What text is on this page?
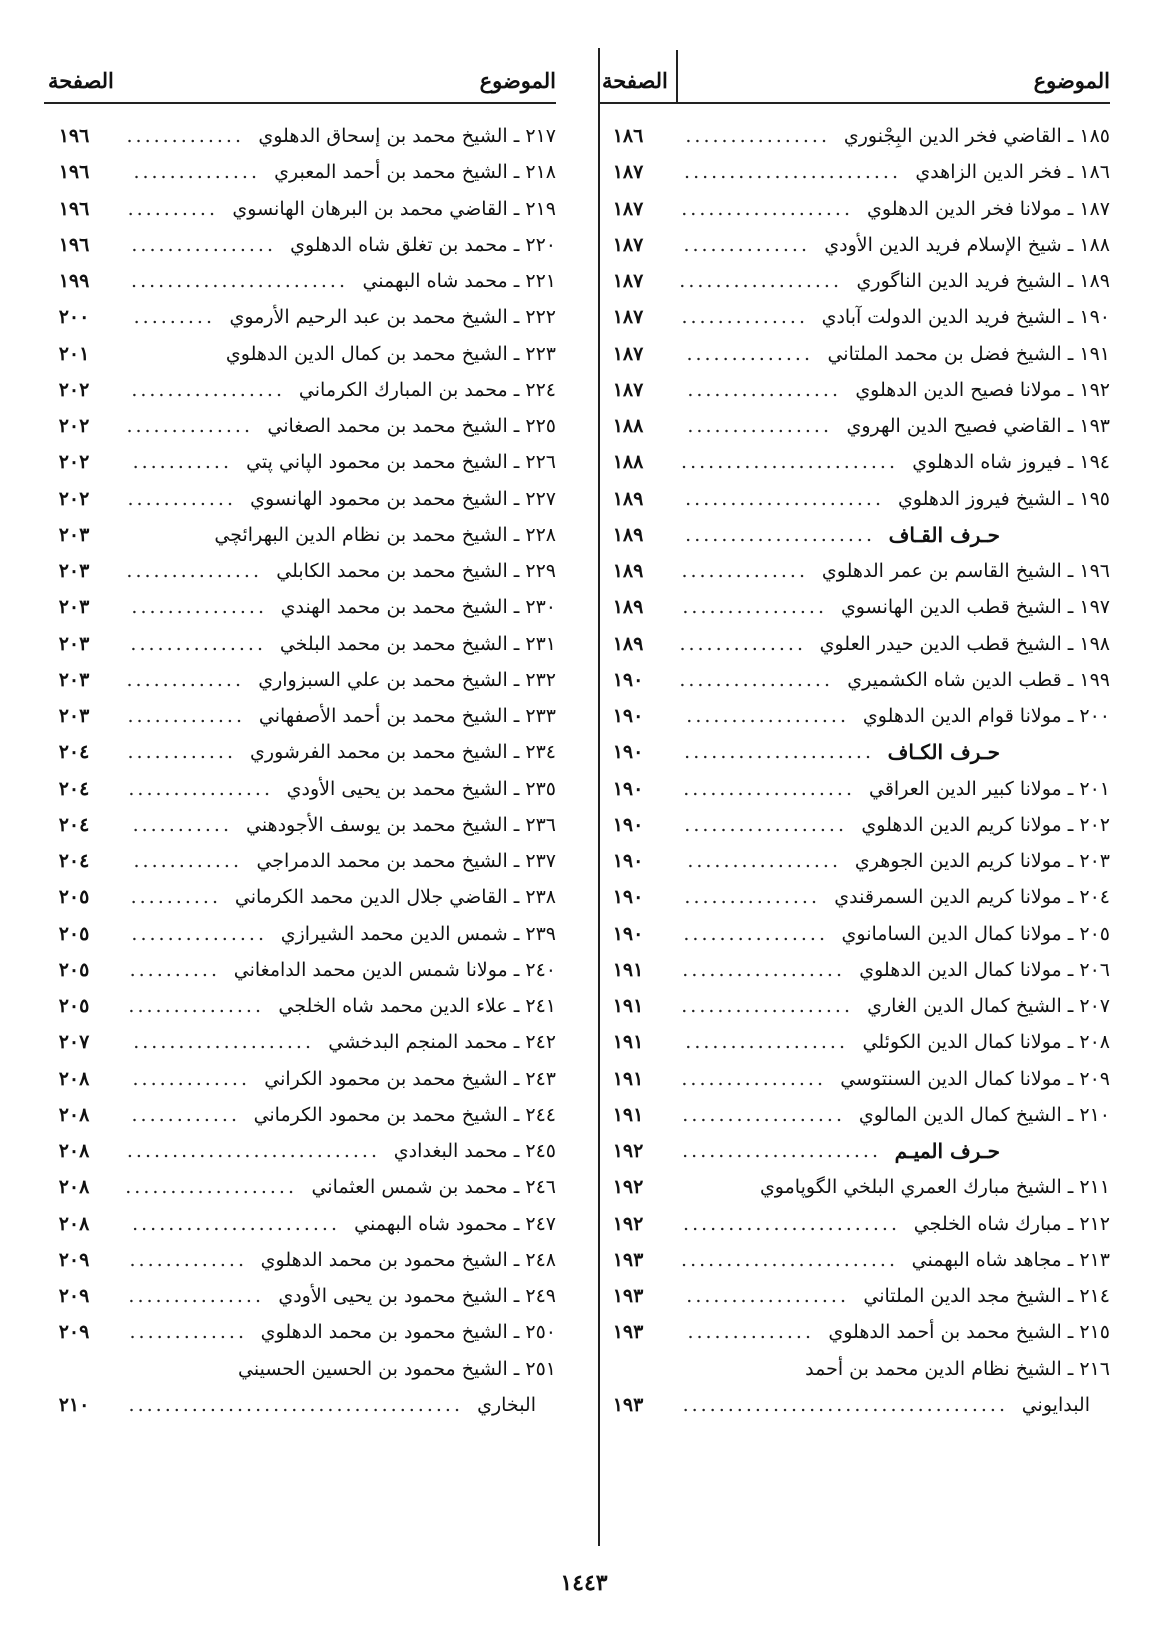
الموضوع
الصفحة
١٨٥ ـ القاضي فخر الدين البِجْنوري
................
١٨٦
١٨٦ ـ فخر الدين الزاهدي
........................
١٨٧
١٨٧ ـ مولانا فخر الدين الدهلوي
...................
١٨٧
١٨٨ ـ شيخ الإسلام فريد الدين الأودي
..............
١٨٧
١٨٩ ـ الشيخ فريد الدين الناگوري
..................
١٨٧
١٩٠ ـ الشيخ فريد الدين الدولت آبادي
..............
١٨٧
١٩١ ـ الشيخ فضل بن محمد الملتاني
..............
١٨٧
١٩٢ ـ مولانا فصيح الدين الدهلوي
.................
١٨٧
١٩٣ ـ القاضي فصيح الدين الهروي
................
١٨٨
١٩٤ ـ فيروز شاه الدهلوي
........................
١٨٨
١٩٥ ـ الشيخ فيروز الدهلوي
......................
١٨٩
حـرف القـاف
.....................
١٨٩
١٩٦ ـ الشيخ القاسم بن عمر الدهلوي
..............
١٨٩
١٩٧ ـ الشيخ قطب الدين الهانسوي
................
١٨٩
١٩٨ ـ الشيخ قطب الدين حيدر العلوي
..............
١٨٩
١٩٩ ـ قطب الدين شاه الكشميري
.................
١٩٠
٢٠٠ ـ مولانا قوام الدين الدهلوي
..................
١٩٠
حـرف الكـاف
.....................
١٩٠
٢٠١ ـ مولانا كبير الدين العراقي
...................
١٩٠
٢٠٢ ـ مولانا كريم الدين الدهلوي
..................
١٩٠
٢٠٣ ـ مولانا كريم الدين الجوهري
.................
١٩٠
٢٠٤ ـ مولانا كريم الدين السمرقندي
...............
١٩٠
٢٠٥ ـ مولانا كمال الدين السامانوي
................
١٩٠
٢٠٦ ـ مولانا كمال الدين الدهلوي
..................
١٩١
٢٠٧ ـ الشيخ كمال الدين الغاري
...................
١٩١
٢٠٨ ـ مولانا كمال الدين الكوئلي
..................
١٩١
٢٠٩ ـ مولانا كمال الدين السنتوسي
................
١٩١
٢١٠ ـ الشيخ كمال الدين المالوي
..................
١٩١
حـرف الميـم
......................
١٩٢
٢١١ ـ الشيخ مبارك العمري البلخي الگوپاموي
١٩٢
٢١٢ ـ مبارك شاه الخلجي
........................
١٩٢
٢١٣ ـ مجاهد شاه البهمني
........................
١٩٣
٢١٤ ـ الشيخ مجد الدين الملتاني
..................
١٩٣
٢١٥ ـ الشيخ محمد بن أحمد الدهلوي
..............
١٩٣
٢١٦ ـ الشيخ نظام الدين محمد بن أحمد
البدايوني
....................................
١٩٣
الموضوع
الصفحة
٢١٧ ـ الشيخ محمد بن إسحاق الدهلوي
.............
١٩٦
٢١٨ ـ الشيخ محمد بن أحمد المعبري
..............
١٩٦
٢١٩ ـ القاضي محمد بن البرهان الهانسوي
..........
١٩٦
٢٢٠ ـ محمد بن تغلق شاه الدهلوي
................
١٩٦
٢٢١ ـ محمد شاه البهمني
........................
١٩٩
٢٢٢ ـ الشيخ محمد بن عبد الرحيم الأرموي
.........
٢٠٠
٢٢٣ ـ الشيخ محمد بن كمال الدين الدهلوي
٢٠١
٢٢٤ ـ محمد بن المبارك الكرماني
.................
٢٠٢
٢٢٥ ـ الشيخ محمد بن محمد الصغاني
..............
٢٠٢
٢٢٦ ـ الشيخ محمد بن محمود الپاني پتي
...........
٢٠٢
٢٢٧ ـ الشيخ محمد بن محمود الهانسوي
............
٢٠٢
٢٢٨ ـ الشيخ محمد بن نظام الدين البهرائچي
٢٠٣
٢٢٩ ـ الشيخ محمد بن محمد الكابلي
...............
٢٠٣
٢٣٠ ـ الشيخ محمد بن محمد الهندي
...............
٢٠٣
٢٣١ ـ الشيخ محمد بن محمد البلخي
...............
٢٠٣
٢٣٢ ـ الشيخ محمد بن علي السبزواري
.............
٢٠٣
٢٣٣ ـ الشيخ محمد بن أحمد الأصفهاني
.............
٢٠٣
٢٣٤ ـ الشيخ محمد بن محمد الفرشوري
............
٢٠٤
٢٣٥ ـ الشيخ محمد بن يحيى الأودي
................
٢٠٤
٢٣٦ ـ الشيخ محمد بن يوسف الأجودهني
...........
٢٠٤
٢٣٧ ـ الشيخ محمد بن محمد الدمراجي
............
٢٠٤
٢٣٨ ـ القاضي جلال الدين محمد الكرماني
..........
٢٠٥
٢٣٩ ـ شمس الدين محمد الشيرازي
...............
٢٠٥
٢٤٠ ـ مولانا شمس الدين محمد الدامغاني
..........
٢٠٥
٢٤١ ـ علاء الدين محمد شاه الخلجي
...............
٢٠٥
٢٤٢ ـ محمد المنجم البدخشي
....................
٢٠٧
٢٤٣ ـ الشيخ محمد بن محمود الكراني
.............
٢٠٨
٢٤٤ ـ الشيخ محمد بن محمود الكرماني
............
٢٠٨
٢٤٥ ـ محمد البغدادي
............................
٢٠٨
٢٤٦ ـ محمد بن شمس العثماني
...................
٢٠٨
٢٤٧ ـ محمود شاه البهمني
.......................
٢٠٨
٢٤٨ ـ الشيخ محمود بن محمد الدهلوي
.............
٢٠٩
٢٤٩ ـ الشيخ محمود بن يحيى الأودي
...............
٢٠٩
٢٥٠ ـ الشيخ محمود بن محمد الدهلوي
.............
٢٠٩
٢٥١ ـ الشيخ محمود بن الحسين الحسيني
البخاري
.....................................
٢١٠
١٤٤٣
